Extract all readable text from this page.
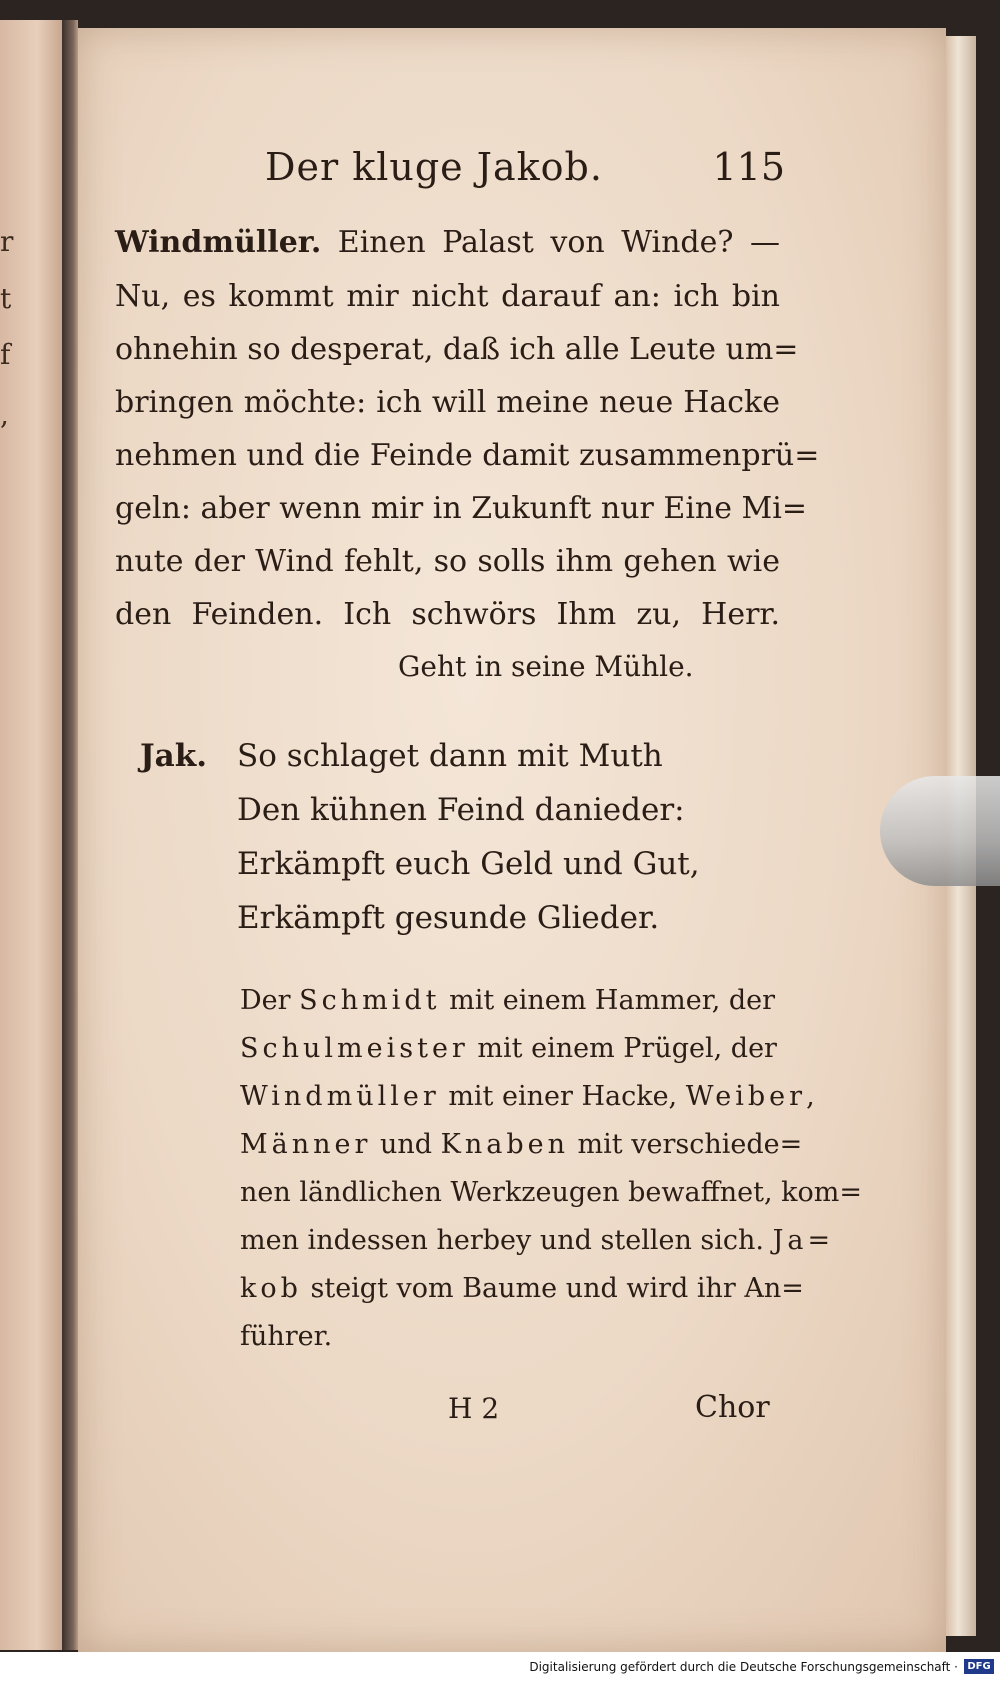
r
t
f
,
Der kluge Jakob.	115
Windmüller. Einen Palast von Winde? —
Nu, es kommt mir nicht darauf an: ich bin
ohnehin so desperat, daß ich alle Leute um=
bringen möchte: ich will meine neue Hacke
nehmen und die Feinde damit zusammenprü=
geln: aber wenn mir in Zukunft nur Eine Mi=
nute der Wind fehlt, so solls ihm gehen wie
den Feinden. Ich schwörs Ihm zu, Herr.
Geht in seine Mühle.
Jak. So schlaget dann mit Muth
Den kühnen Feind danieder:
Erkämpft euch Geld und Gut,
Erkämpft gesunde Glieder.
Der Schmidt mit einem Hammer, der
Schulmeister mit einem Prügel, der
Windmüller mit einer Hacke, Weiber,
Männer und Knaben mit verschiede=
nen ländlichen Werkzeugen bewaffnet, kom=
men indessen herbey und stellen sich. Ja=
kob steigt vom Baume und wird ihr An=
führer.
H 2	Chor
Digitalisierung gefördert durch die Deutsche Forschungsgemeinschaft · DFG
